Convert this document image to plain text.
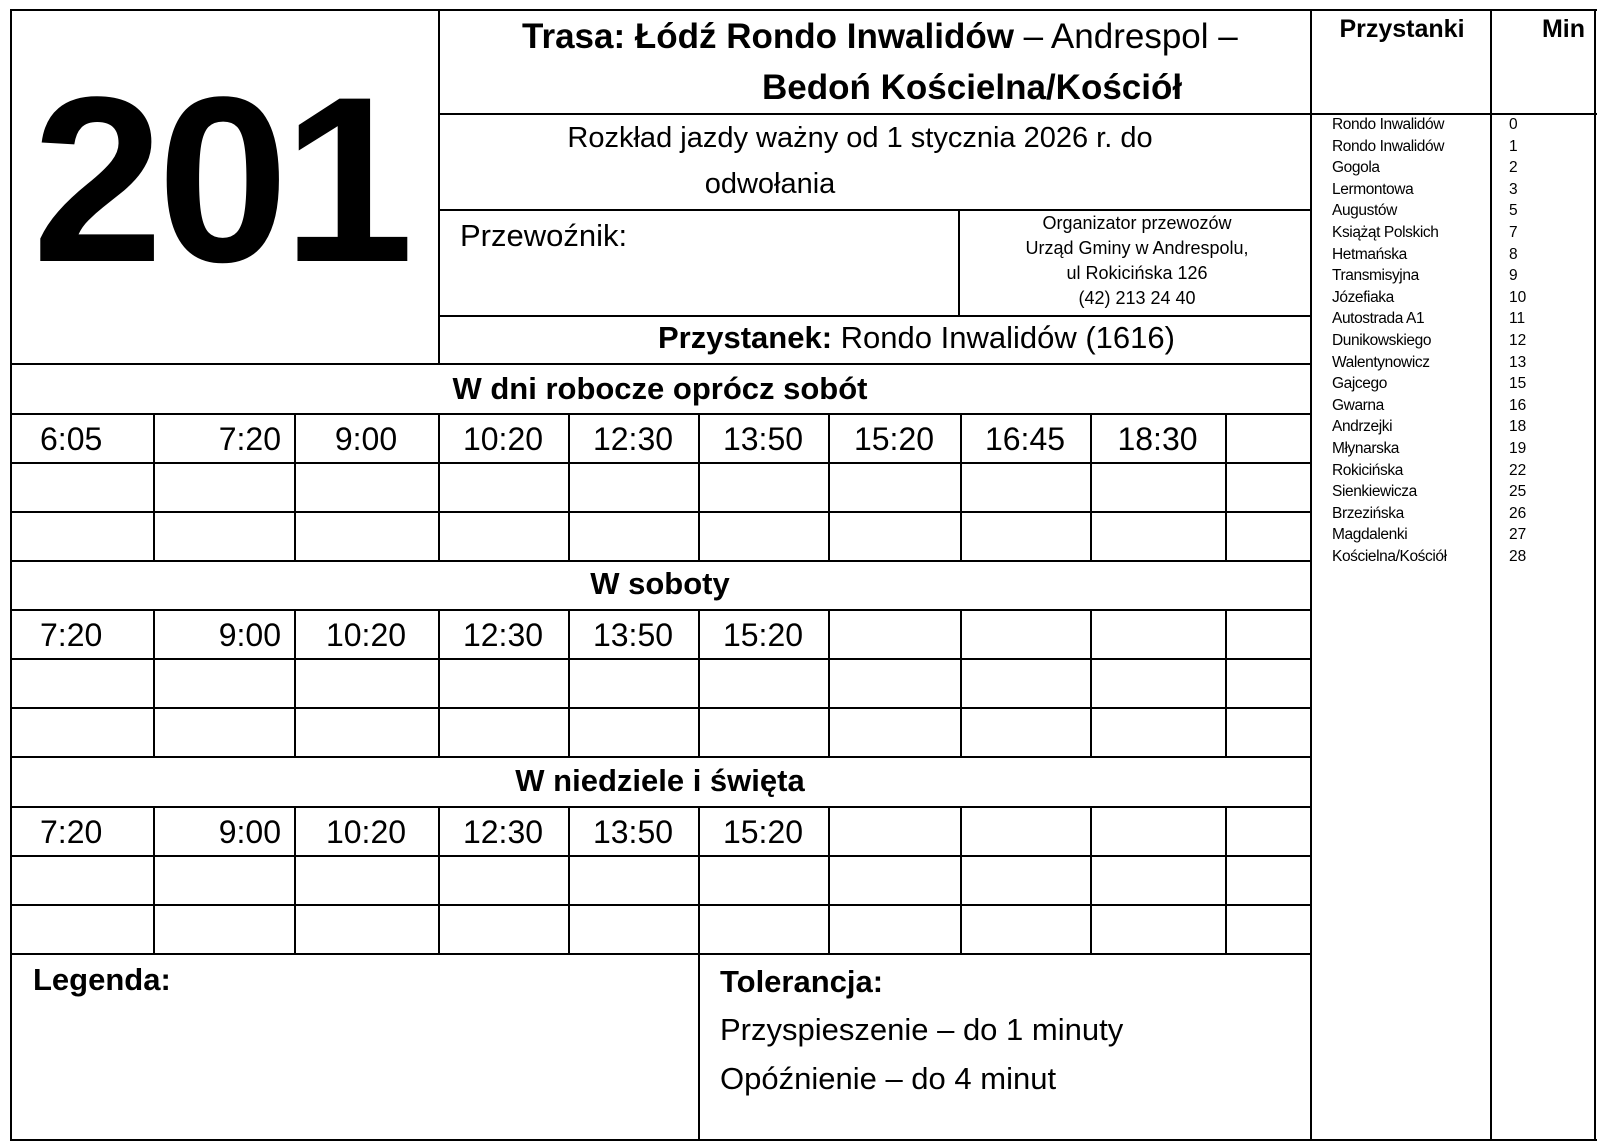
201
Trasa: Łódź Rondo Inwalidów – Andrespol –
Bedoń Kościelna/Kościół
Rozkład jazdy ważny od 1 stycznia 2026 r. do
odwołania
Przewoźnik:	Organizator przewozów
Urząd Gminy w Andrespolu,
ul Rokicińska 126
(42) 213 24 40
Przystanek: Rondo Inwalidów (1616)
W dni robocze oprócz sobót
W soboty
W niedziele i święta
Legenda:	Tolerancja:
Przyspieszenie – do 1 minuty
Opóźnienie – do 4 minut
Przystanki	Min
Rondo Inwalidów	0
Rondo Inwalidów	1
Gogola	2
Lermontowa	3
Augustów	5
Książąt Polskich	7
Hetmańska	8
Transmisyjna	9
Józefiaka	10
Autostrada A1	11
Dunikowskiego	12
Walentynowicz	13
Gajcego	15
Gwarna	16
Andrzejki	18
Młynarska	19
Rokicińska	22
Sienkiewicza	25
Brzezińska	26
Magdalenki	27
Kościelna/Kościół	28
6:05	7:20	9:00	10:20	12:30	13:50	15:20	16:45	18:30
7:20	9:00	10:20	12:30	13:50	15:20
7:20	9:00	10:20	12:30	13:50	15:20
